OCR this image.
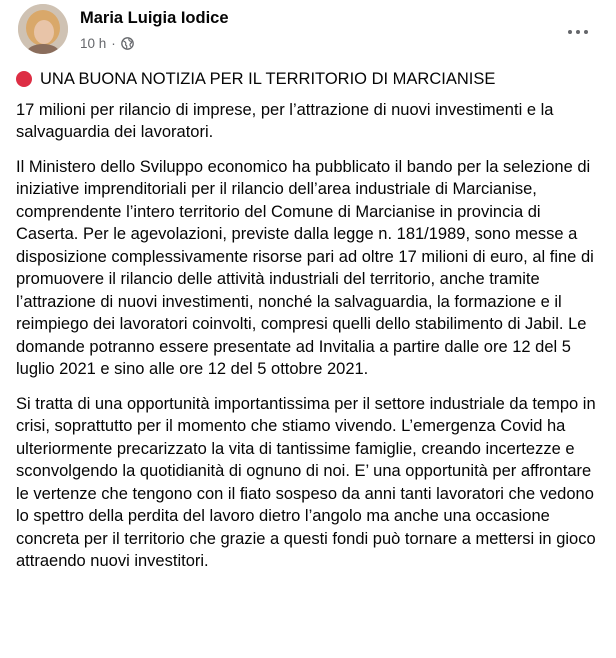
Maria Luigia Iodice
10 h ·
UNA BUONA NOTIZIA PER IL TERRITORIO DI MARCIANISE

17 milioni per rilancio di imprese, per l’attrazione di nuovi investimenti e la salvaguardia dei lavoratori.

Il Ministero dello Sviluppo economico ha pubblicato il bando per la selezione di iniziative imprenditoriali per il rilancio dell’area industriale di Marcianise, comprendente l’intero territorio del Comune di Marcianise in provincia di Caserta. Per le agevolazioni, previste dalla legge n. 181/1989, sono messe a disposizione complessivamente risorse pari ad oltre 17 milioni di euro, al fine di promuovere il rilancio delle attività industriali del territorio, anche tramite l’attrazione di nuovi investimenti, nonché la salvaguardia, la formazione e il reimpiego dei lavoratori coinvolti, compresi quelli dello stabilimento di Jabil. Le domande potranno essere presentate ad Invitalia a partire dalle ore 12 del 5 luglio 2021 e sino alle ore 12 del 5 ottobre 2021.

Si tratta di una opportunità importantissima per il settore industriale da tempo in crisi, soprattutto per il momento che stiamo vivendo. L’emergenza Covid ha ulteriormente precarizzato la vita di tantissime famiglie, creando incertezze e sconvolgendo la quotidianità di ognuno di noi. E’ una opportunità per affrontare le vertenze che tengono con il fiato sospeso da anni tanti lavoratori che vedono lo spettro della perdita del lavoro dietro l’angolo ma anche una occasione concreta per il territorio che grazie a questi fondi può tornare a mettersi in gioco attraendo nuovi investitori.
